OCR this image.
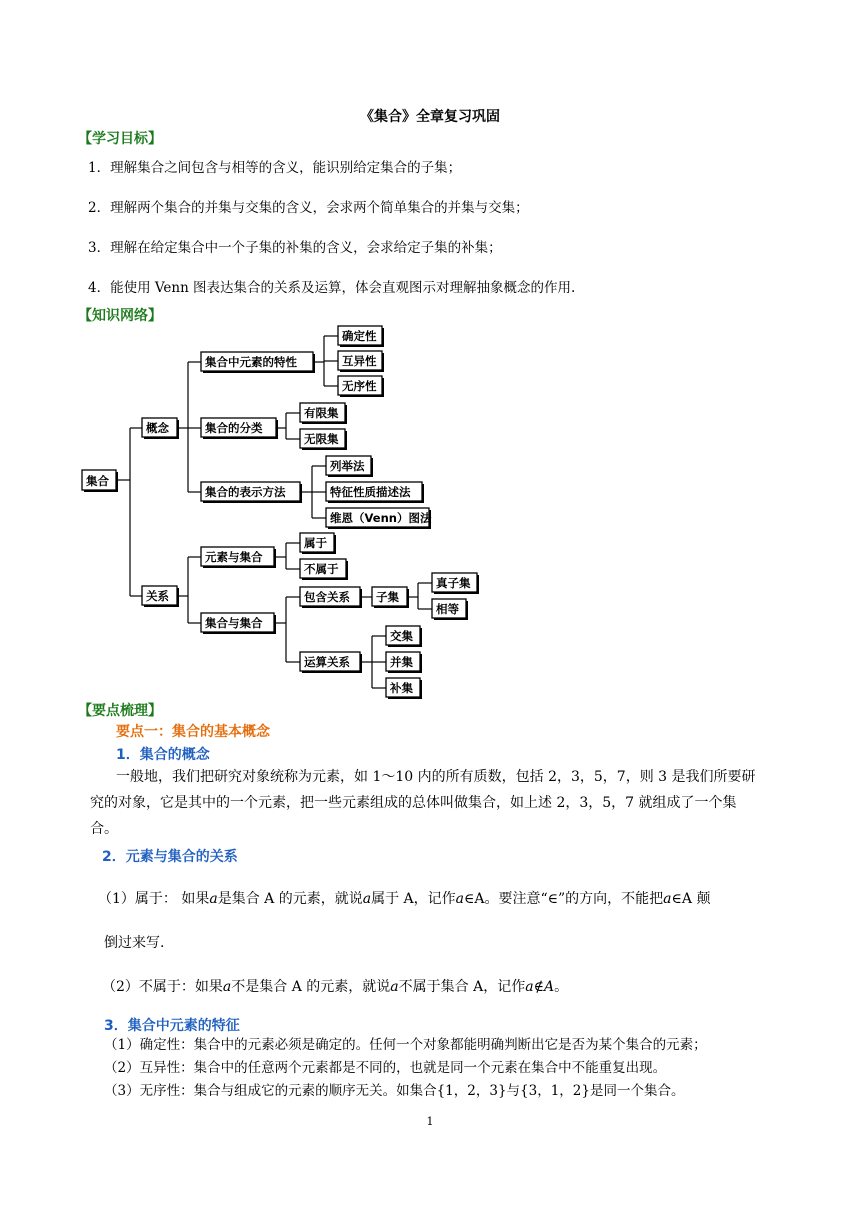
《集合》全章复习巩固
【学习目标】
1．理解集合之间包含与相等的含义，能识别给定集合的子集；
2．理解两个集合的并集与交集的含义，会求两个简单集合的并集与交集；
3．理解在给定集合中一个子集的补集的含义，会求给定子集的补集；
4．能使用 Venn 图表达集合的关系及运算，体会直观图示对理解抽象概念的作用.
【知识网络】
集合
概念
关系
集合中元素的特性
确定性
互异性
无序性
集合的分类
有限集
无限集
集合的表示方法
列举法
特征性质描述法
维恩（Venn）图法
元素与集合
属于
不属于
集合与集合
包含关系 子集
真子集
相等
运算关系
交集
并集
补集
【要点梳理】
要点一：集合的基本概念
1．集合的概念
一般地，我们把研究对象统称为元素，如 1～10 内的所有质数，包括 2，3，5，7，则 3 是我们所要研
究的对象，它是其中的一个元素，把一些元素组成的总体叫做集合，如上述 2，3，5，7 就组成了一个集
合。
2．元素与集合的关系
（1）属于： 如果a是集合 A 的元素，就说a属于 A，记作a∈A。要注意“∈”的方向，不能把a∈A 颠
倒过来写.
（2）不属于：如果a不是集合 A 的元素，就说a不属于集合 A，记作a∉A。
3．集合中元素的特征
（1）确定性：集合中的元素必须是确定的。任何一个对象都能明确判断出它是否为某个集合的元素；
（2）互异性：集合中的任意两个元素都是不同的，也就是同一个元素在集合中不能重复出现。
（3）无序性：集合与组成它的元素的顺序无关。如集合{1，2，3}与{3，1，2}是同一个集合。
1
